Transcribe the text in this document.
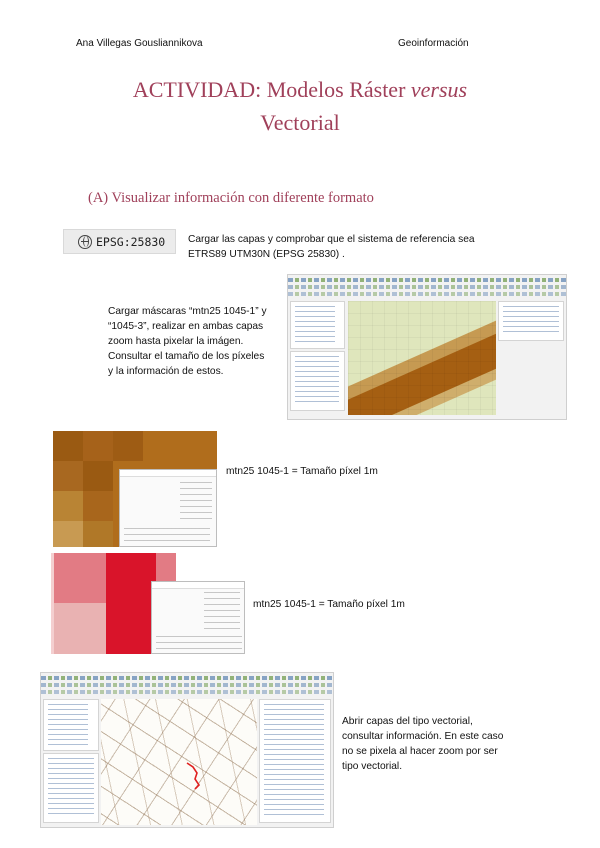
Ana Villegas Gousliannikova	Geoinformación
ACTIVIDAD: Modelos Ráster versus
Vectorial
(A) Visualizar información con diferente formato
EPSG:25830 Cargar las capas y comprobar que el sistema de referencia sea
ETRS89 UTM30N (EPSG 25830) .
Cargar máscaras “mtn25 1045-1” y
“1045-3”, realizar en ambas capas
zoom hasta pixelar la imágen.
Consultar el tamaño de los píxeles
y la información de estos.
mtn25 1045-1 = Tamaño píxel 1m
mtn25 1045-1 = Tamaño píxel 1m
Abrir capas del tipo vectorial,
consultar información. En este caso
no se pixela al hacer zoom por ser
tipo vectorial.
